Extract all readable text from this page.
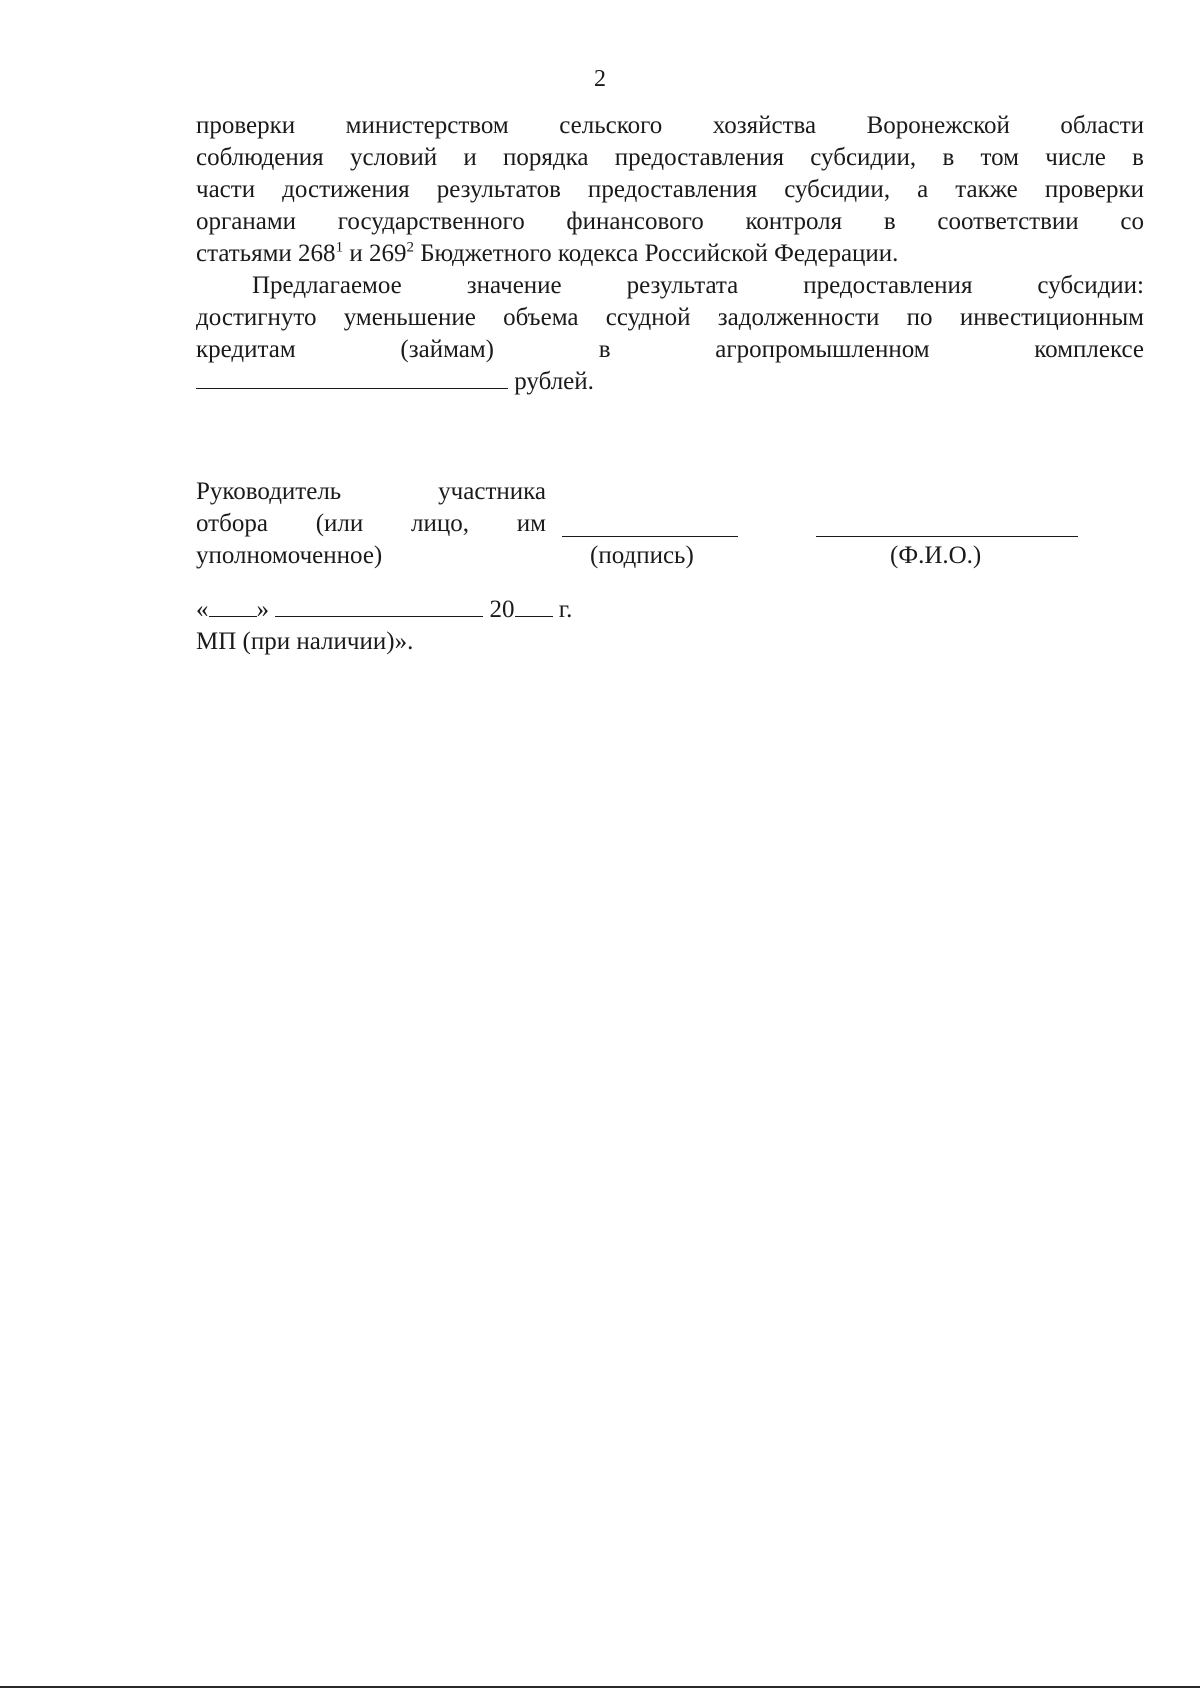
2

проверки министерством сельского хозяйства Воронежской области

соблюдения условий и порядка предоставления субсидии, в том числе в

части достижения результатов предоставления субсидии, а также проверки

органами государственного финансового контроля в соответствии со

статьями $268^1$ и $269^2$ Бюджетного кодекса Российской Федерации.

Предлагаемое значение результата предоставления субсидии:

достигнуто уменьшение объема ссудной задолженности по инвестиционным

кредитам (займам) в агропромышленном комплексе

рублей.

Руководитель участника
отбора (или лицо, им
уполномоченное)	(подпись)	(Ф.И.О.)
« »	20 г.
МП (при наличии)».
